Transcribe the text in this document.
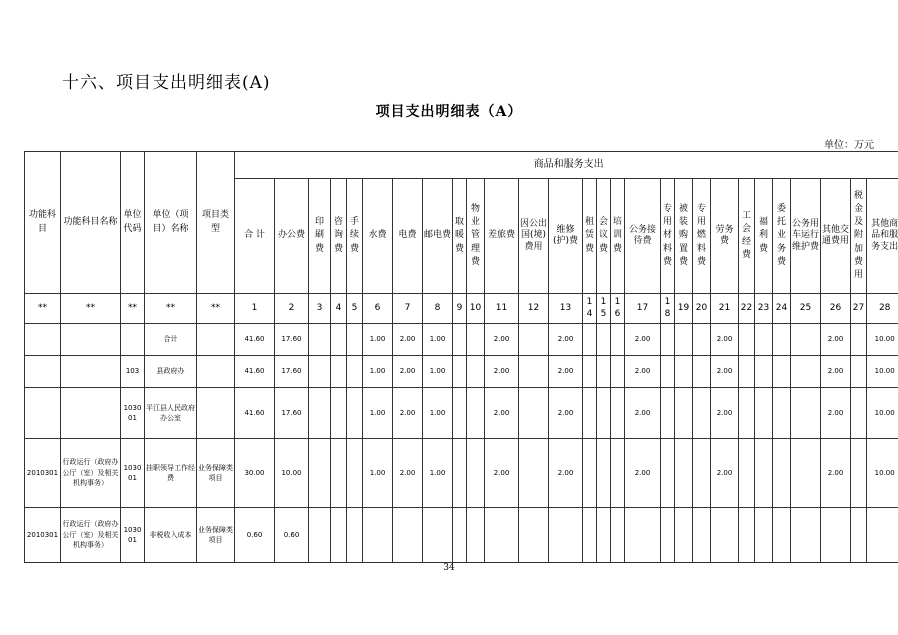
十六、项目支出明细表(A)
项目支出明细表（A）
单位：万元
功能科目	功能科目名称	单位代码	单位（项目）名称	项目类型	商品和服务支出																											
					合 计	办公费	印刷费	咨询费	手续费	水费	电费	邮电费	取暖费	物业管理费	差旅费	因公出国(境)费用	维修(护)费	租赁费	会议费	培训费	公务接待费	专用材料费	被装购置费	专用燃料费	劳务费	工会经费	福利费	委托业务费	公务用车运行维护费	其他交通费用	税金及附加费用	其他商品和服务支出
**	**	**	**	**	1	2	3	4	5	6	7	8	9	10	11	12	13	14	15	16	17	18	19	20	21	22	23	24	25	26	27	28
			合计		41.60	17.60				1.00	2.00	1.00			2.00		2.00				2.00				2.00					2.00		10.00
		103	县政府办		41.60	17.60				1.00	2.00	1.00			2.00		2.00				2.00				2.00					2.00		10.00
		103001	平江县人民政府办公室		41.60	17.60				1.00	2.00	1.00			2.00		2.00				2.00				2.00					2.00		10.00
2010301	行政运行（政府办公厅（室）及相关机构事务）	103001	挂职领导工作经费	业务保障类项目	30.00	10.00				1.00	2.00	1.00			2.00		2.00				2.00				2.00					2.00		10.00
2010301	行政运行（政府办公厅（室）及相关机构事务）	103001	非税收入成本	业务保障类项目	0.60	0.60																										
34
